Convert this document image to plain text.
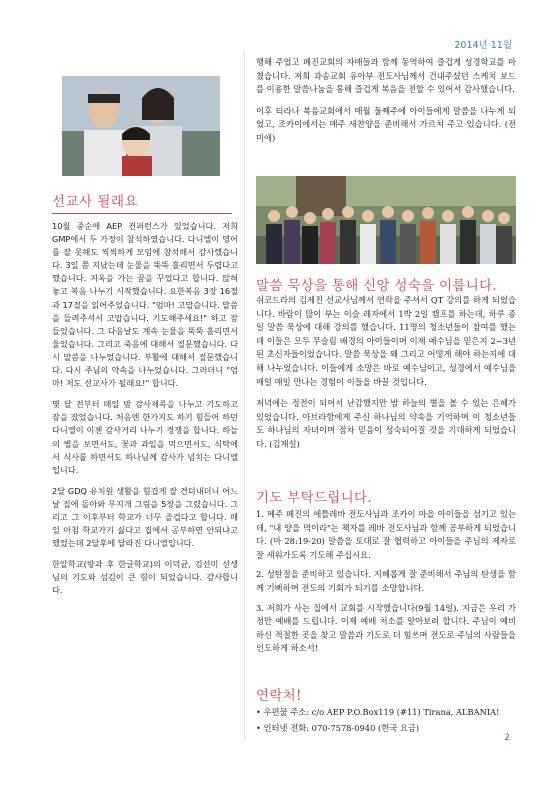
2014년 11월
선교사 될래요

10월 중순에 AEP 컨퍼런스가 있었습니다. 저희 GMP에서 두 가정이 참석하였습니다. 다니엘이 영어를 잘 못해도 씩씩하게 모임에 참석해서 감사했습니다. 3일 쯤 지났는데 눈물을 뚝뚝 흘리면서 두렵다고 했습니다. 지옥을 가는 꿈을 꾸었다고 합니다. 앉혀 놓고 복음 나누기 시작했습니다. 요한복음 3장 16절과 17절을 읽어주었습니다. "엄마! 고맙습니다. 말씀을 들려주셔서 고맙습니다. 기도해주세요!" 하고 잠들었습니다. 그 다음날도 계속 눈물을 뚝뚝 흘리면서 울었습니다. 그리고 죽음에 대해서 질문했습니다. 다시 말씀을 나누었습니다. 부활에 대해서 질문했습니다. 다시 주님의 약속을 나누었습니다. 그러더니 "엄마! 저도 선교사가 될래요!" 합니다.

몇 달 전부터 매일 밤 감사제목을 나누고 기도하고 잠을 잤었습니다. 처음엔 한가지도 하기 힘들어 하던 다니엘이 이젠 감사거리 나누기 경쟁을 합니다. 하늘의 별을 보면서도, 꽃과 과일을 먹으면서도, 식탁에서 식사를 하면서도 하나님께 감사가 넘치는 다니엘 입니다.

2달 GDQ 유치원 생활을 힘겹게 잘 견뎌내더니 어느날 집에 돌아와 무지개 그림을 5장을 그렸습니다. 그리고 그 이후부터 학교가 너무 즐겁다고 합니다. 매일 아침 학교가기 싫다고 집에서 공부하면 안되냐고 했었는데 2달후에 달라진 다니엘입니다.

한알학교(방과 후 한글학교)의 이덕균, 김선미 선생님의 기도와 섬김이 큰 힘이 되었습니다. 감사합니다.

행해 주었고 페진교회의 자매들과 함께 동역하여 즐겁게 성경학교를 마쳤습니다. 저희 과송교회 유아부 전도사님께서 건내주셨던 스케치 보드를 이용한 말씀나눔을 통해 즐겁게 복음을 전할 수 있어서 감사했습니다.

이후 티라나 복음교회에서 매월 둘째주에 아이들에게 말씀을 나누게 되었고, 조카이에서는 매주 새찬양을 준비해서 가르쳐 주고 있습니다. (전미애)

말씀 묵상을 통해 신앙 성숙을 이룹니다.

쉬코드라의 김제진 선교사님께서 연락을 주셔서 QT 강의를 하게 되었습니다. 바람이 많이 부는 이슬 레자에서 1박 2일 캠프를 하는데, 하루 종일 말씀 묵상에 대해 강의를 했습니다. 11명의 청소년들이 참여를 했는데 이들은 모두 무슬림 배경의 아이들이며 이제 예수님을 믿은지 2~3년 된 초신자들이었습니다. 말씀 묵상을 왜 그리고 어떻게 해야 하는지에 대해 나누었습니다. 이들에게 소망은 바로 예수님이고, 성경에서 예수님을 매일 매일 만나는 경험이 이들을 바꿀 것입니다.

저녁에는 정전이 되어서 난감했지만 밤 하늘의 별을 볼 수 있는 은혜가 있었습니다. 아브라함에게 주신 하나님의 약속을 기억하며 이 청소년들도 하나님의 자녀이며 점차 믿음이 성숙되어질 것을 기대하게 되었습니다. (김재설)

기도 부탁드립니다.

1. 메주 페진의 에틀레바 전도사님과 조카이 마을 아이들을 섬기고 있는데, "내 양을 먹이라"는 책자를 레바 전도사님과 함께 공부하게 되었습니다. (마 28:19-20) 말씀을 토대로 잘 협력하고 아이들을 주님의 제자로 잘 세워가도록 기도해 주십시요.

2. 성탄절을 준비하고 있습니다. 지혜롭게 잘 준비해서 주님의 탄생을 함께 기뻐하며 전도의 기회가 되기를 소망합니다.

3. 저희가 사는 집에서 교회를 시작했습니다(9월 14일). 지금은 우리 가정만 예배를 드립니다. 이제 예배 처소를 알아보려 합니다. 주님이 예비하신 적절한 곳을 찾고 말씀과 기도로 더 힘쓰며 전도로 주님의 사람들을 인도하게 하소서!

연락처!

• 우편물 주소: c/o AEP P.O.Box119 (#11) Tirana, ALBANIA!

• 인터넷 전화: 070-7578-0940 (한국 요금)

2
